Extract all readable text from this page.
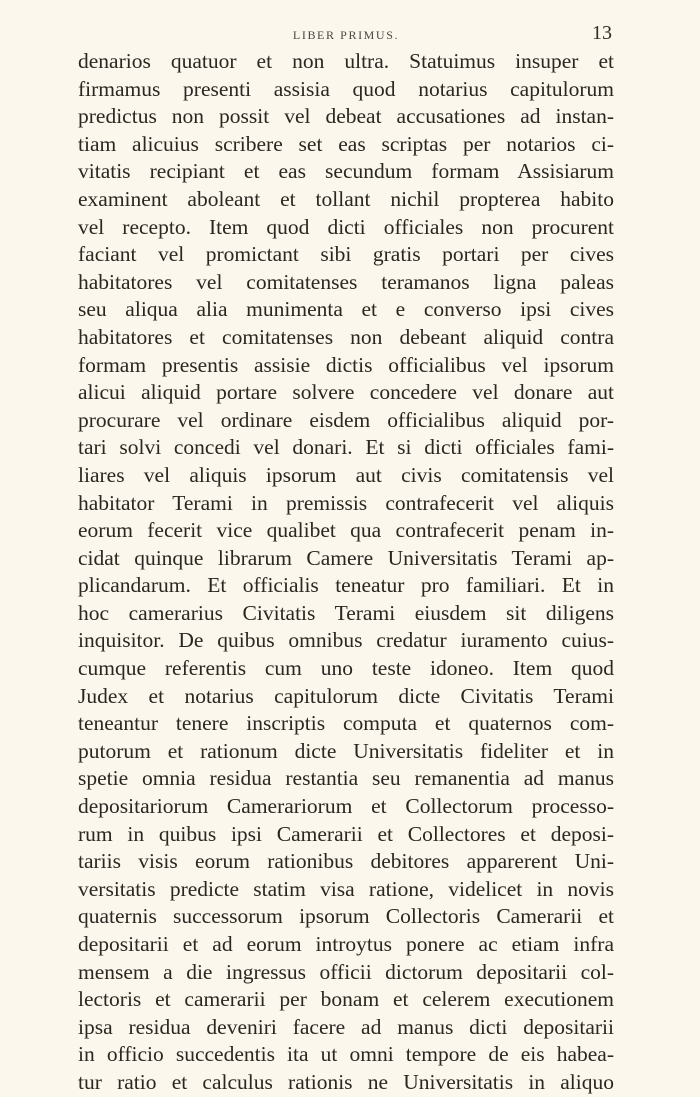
LIBER PRIMUS.	13
denarios quatuor et non ultra. Statuimus insuper et
firmamus presenti assisia quod notarius capitulorum
predictus non possit vel debeat accusationes ad instan-
tiam alicuius scribere set eas scriptas per notarios ci-
vitatis recipiant et eas secundum formam Assisiarum
examinent aboleant et tollant nichil propterea habito
vel recepto. Item quod dicti officiales non procurent
faciant vel promictant sibi gratis portari per cives
habitatores vel comitatenses teramanos ligna paleas
seu aliqua alia munimenta et e converso ipsi cives
habitatores et comitatenses non debeant aliquid contra
formam presentis assisie dictis officialibus vel ipsorum
alicui aliquid portare solvere concedere vel donare aut
procurare vel ordinare eisdem officialibus aliquid por-
tari solvi concedi vel donari. Et si dicti officiales fami-
liares vel aliquis ipsorum aut civis comitatensis vel
habitator Terami in premissis contrafecerit vel aliquis
eorum fecerit vice qualibet qua contrafecerit penam in-
cidat quinque librarum Camere Universitatis Terami ap-
plicandarum. Et officialis teneatur pro familiari. Et in
hoc camerarius Civitatis Terami eiusdem sit diligens
inquisitor. De quibus omnibus credatur iuramento cuius-
cumque referentis cum uno teste idoneo. Item quod
Judex et notarius capitulorum dicte Civitatis Terami
teneantur tenere inscriptis computa et quaternos com-
putorum et rationum dicte Universitatis fideliter et in
spetie omnia residua restantia seu remanentia ad manus
depositariorum Camerariorum et Collectorum processo-
rum in quibus ipsi Camerarii et Collectores et deposi-
tariis visis eorum rationibus debitores apparerent Uni-
versitatis predicte statim visa ratione, videlicet in novis
quaternis successorum ipsorum Collectoris Camerarii et
depositarii et ad eorum introytus ponere ac etiam infra
mensem a die ingressus officii dictorum depositarii col-
lectoris et camerarii per bonam et celerem executionem
ipsa residua deveniri facere ad manus dicti depositarii
in officio succedentis ita ut omni tempore de eis habea-
tur ratio et calculus rationis ne Universitatis in aliquo
